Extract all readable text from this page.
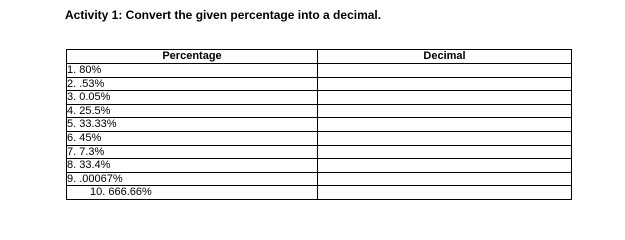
Activity 1: Convert the given percentage into a decimal.
Percentage	Decimal
1. 80%	
2. .53%	
3. 0.05%	
4. 25.5%	
5. 33.33%	
6. 45%	
7. 7.3%	
8. 33.4%	
9. .00067%	
10. 666.66%	
